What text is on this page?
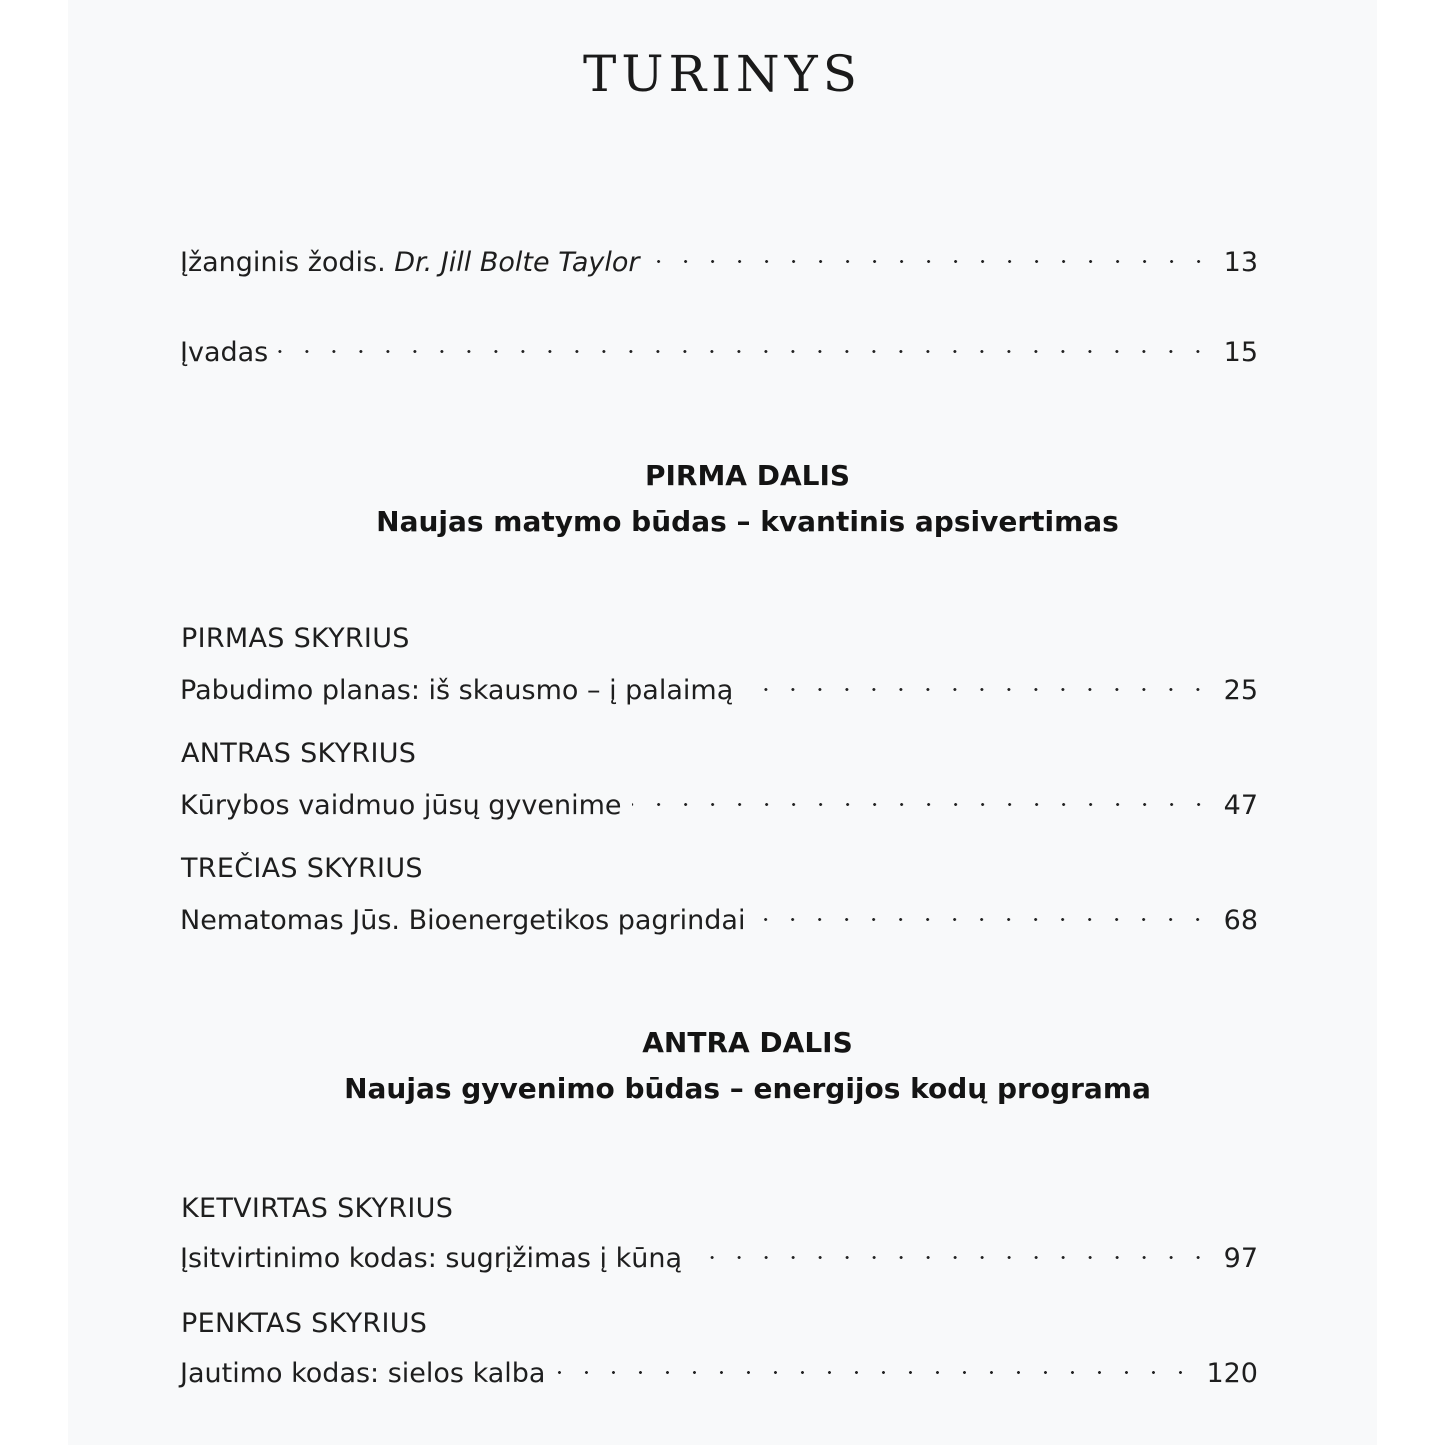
TURINYS
Įžanginis žodis. Dr. Jill Bolte Taylor	13
Įvadas	15
PIRMA DALIS
Naujas matymo būdas – kvantinis apsivertimas
PIRMAS SKYRIUS
Pabudimo planas: iš skausmo – į palaimą	25
ANTRAS SKYRIUS
Kūrybos vaidmuo jūsų gyvenime	47
TREČIAS SKYRIUS
Nematomas Jūs. Bioenergetikos pagrindai	68
ANTRA DALIS
Naujas gyvenimo būdas – energijos kodų programa
KETVIRTAS SKYRIUS
Įsitvirtinimo kodas: sugrįžimas į kūną	97
PENKTAS SKYRIUS
Jautimo kodas: sielos kalba	120
